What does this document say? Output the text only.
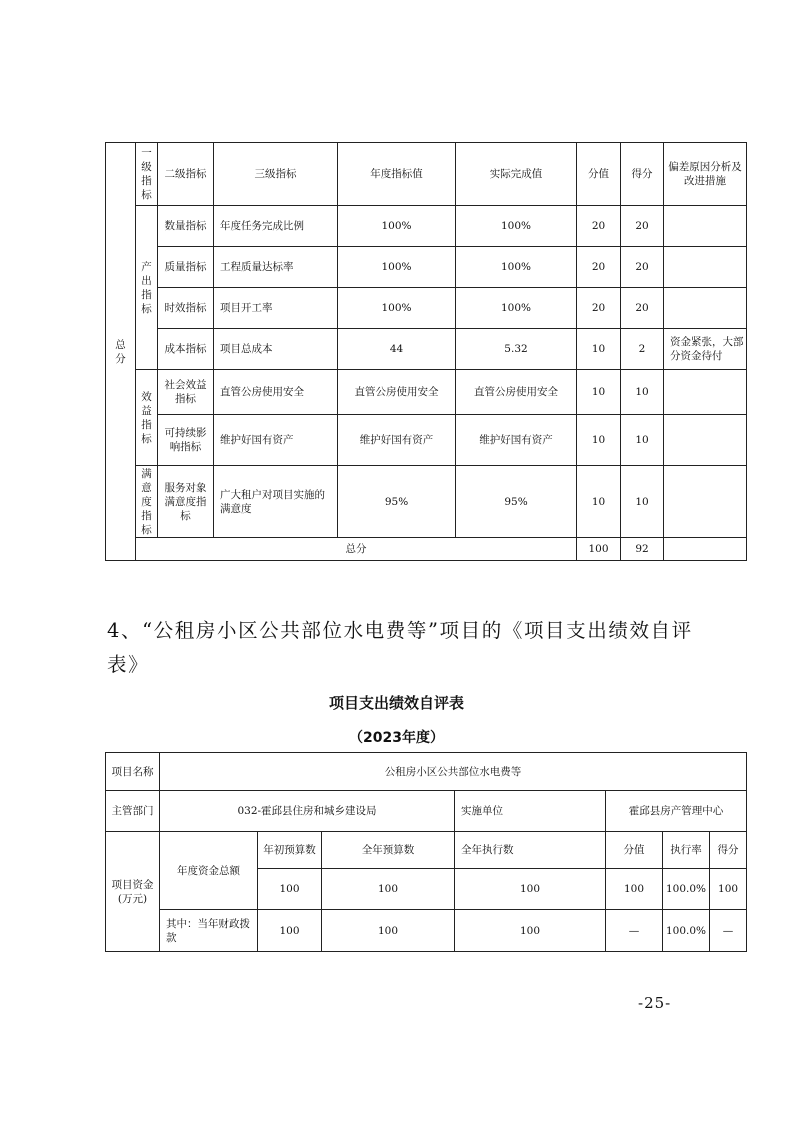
总分	一级指标	二级指标	三级指标	年度指标值	实际完成值	分值	得分	偏差原因分析及改进措施
	产出指标	数量指标	年度任务完成比例	100%	100%	20	20	
		质量指标	工程质量达标率	100%	100%	20	20	
		时效指标	项目开工率	100%	100%	20	20	
		成本指标	项目总成本	44	5.32	10	2	资金紧张，大部分资金待付
	效益指标	社会效益指标	直管公房使用安全	直管公房使用安全	直管公房使用安全	10	10	
		可持续影响指标	维护好国有资产	维护好国有资产	维护好国有资产	10	10	
	满意度指标	服务对象满意度指标	广大租户对项目实施的满意度	95%	95%	10	10	
	总分					100	92	
4、“公租房小区公共部位水电费等”项目的《项目支出绩效自评表》
项目支出绩效自评表
（2023年度）
项目名称	公租房小区公共部位水电费等						
主管部门	032-霍邱县住房和城乡建设局			实施单位	霍邱县房产管理中心		
项目资金(万元)	年度资金总额	年初预算数	全年预算数	全年执行数	分值	执行率	得分
		100	100	100	100	100.0%	100
	其中：当年财政拨款	100	100	100	—	100.0%	—
-25-
